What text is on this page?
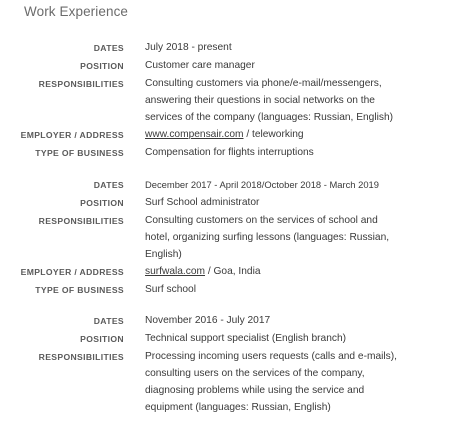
Work Experience
DATES July 2018 - present
POSITION Customer care manager
RESPONSIBILITIES Consulting customers via phone/e-mail/messengers,
answering their questions in social networks on the
services of the company (languages: Russian, English)
EMPLOYER / ADDRESS www.compensair.com / teleworking
TYPE OF BUSINESS Compensation for flights interruptions
DATES December 2017 - April 2018/October 2018 - March 2019
POSITION Surf School administrator
RESPONSIBILITIES Consulting customers on the services of school and
hotel, organizing surfing lessons (languages: Russian,
English)
EMPLOYER / ADDRESS surfwala.com / Goa, India
TYPE OF BUSINESS Surf school
DATES November 2016 - July 2017
POSITION Technical support specialist (English branch)
RESPONSIBILITIES Processing incoming users requests (calls and e-mails),
consulting users on the services of the company,
diagnosing problems while using the service and
equipment (languages: Russian, English)
